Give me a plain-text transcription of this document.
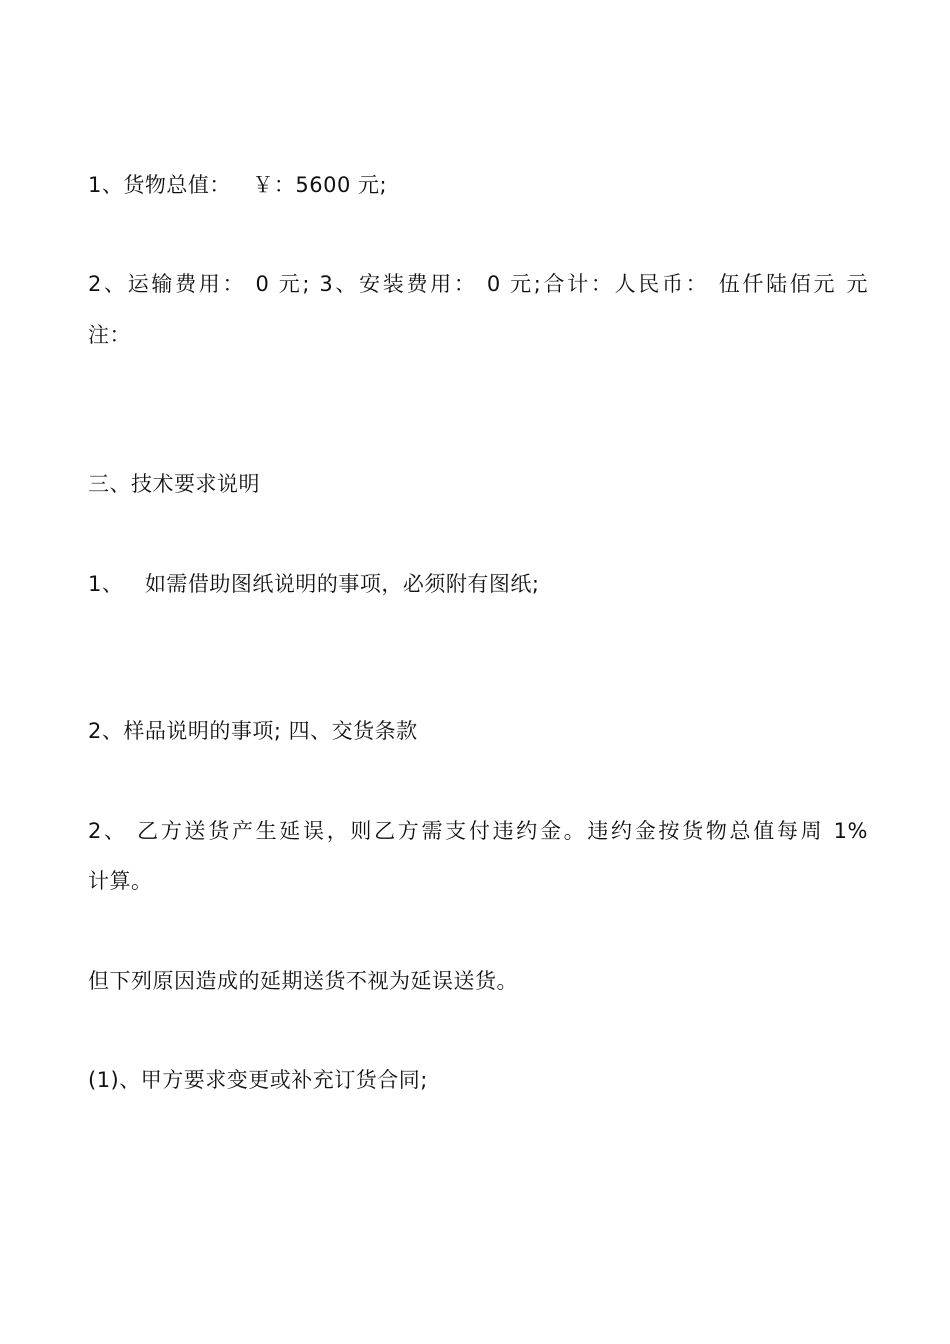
1、货物总值：   ￥：5600 元;
2、运输费用： 0 元; 3、安装费用： 0 元;合计：人民币： 伍仟陆佰元 元
注：
三、技术要求说明
1、   如需借助图纸说明的事项，必须附有图纸;
2、样品说明的事项; 四、交货条款
2、 乙方送货产生延误，则乙方需支付违约金。违约金按货物总值每周 1%
计算。
但下列原因造成的延期送货不视为延误送货。
(1)、甲方要求变更或补充订货合同;
